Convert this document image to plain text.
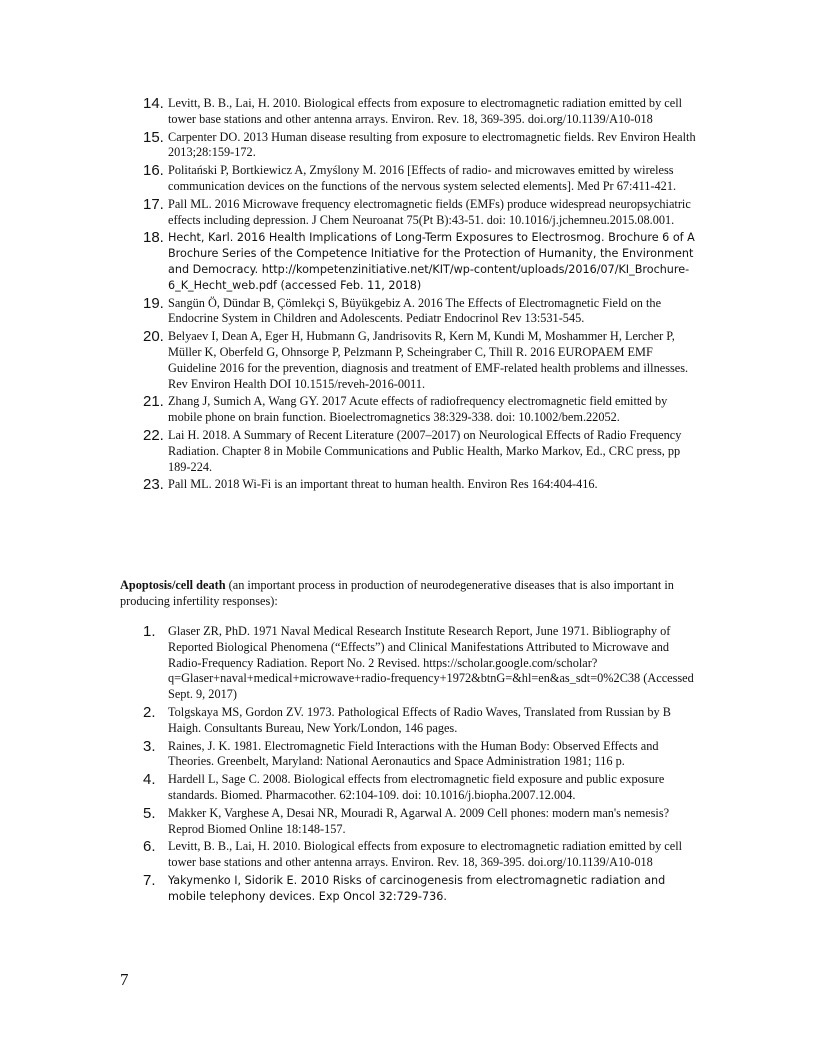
14. Levitt, B. B., Lai, H. 2010. Biological effects from exposure to electromagnetic radiation emitted by cell tower base stations and other antenna arrays. Environ. Rev. 18, 369-395. doi.org/10.1139/A10-018
15. Carpenter DO. 2013 Human disease resulting from exposure to electromagnetic fields. Rev Environ Health 2013;28:159-172.
16. Politański P, Bortkiewicz A, Zmyślony M. 2016 [Effects of radio- and microwaves emitted by wireless communication devices on the functions of the nervous system selected elements]. Med Pr 67:411-421.
17. Pall ML. 2016 Microwave frequency electromagnetic fields (EMFs) produce widespread neuropsychiatric effects including depression. J Chem Neuroanat 75(Pt B):43-51. doi: 10.1016/j.jchemneu.2015.08.001.
18. Hecht, Karl. 2016 Health Implications of Long-Term Exposures to Electrosmog. Brochure 6 of A Brochure Series of the Competence Initiative for the Protection of Humanity, the Environment and Democracy. http://kompetenzinitiative.net/KIT/wp-content/uploads/2016/07/KI_Brochure-6_K_Hecht_web.pdf (accessed Feb. 11, 2018)
19. Sangün Ö, Dündar B, Çömlekçi S, Büyükgebiz A. 2016 The Effects of Electromagnetic Field on the Endocrine System in Children and Adolescents. Pediatr Endocrinol Rev 13:531-545.
20. Belyaev I, Dean A, Eger H, Hubmann G, Jandrisovits R, Kern M, Kundi M, Moshammer H, Lercher P, Müller K, Oberfeld G, Ohnsorge P, Pelzmann P, Scheingraber C, Thill R. 2016 EUROPAEM EMF Guideline 2016 for the prevention, diagnosis and treatment of EMF-related health problems and illnesses. Rev Environ Health DOI 10.1515/reveh-2016-0011.
21. Zhang J, Sumich A, Wang GY. 2017 Acute effects of radiofrequency electromagnetic field emitted by mobile phone on brain function. Bioelectromagnetics 38:329-338. doi: 10.1002/bem.22052.
22. Lai H. 2018. A Summary of Recent Literature (2007–2017) on Neurological Effects of Radio Frequency Radiation. Chapter 8 in Mobile Communications and Public Health, Marko Markov, Ed., CRC press, pp 189-224.
23. Pall ML. 2018 Wi-Fi is an important threat to human health. Environ Res 164:404-416.
Apoptosis/cell death (an important process in production of neurodegenerative diseases that is also important in producing infertility responses):
1. Glaser ZR, PhD. 1971 Naval Medical Research Institute Research Report, June 1971. Bibliography of Reported Biological Phenomena (“Effects”) and Clinical Manifestations Attributed to Microwave and Radio-Frequency Radiation. Report No. 2 Revised. https://scholar.google.com/scholar?q=Glaser+naval+medical+microwave+radio-frequency+1972&btnG=&hl=en&as_sdt=0%2C38 (Accessed Sept. 9, 2017)
2. Tolgskaya MS, Gordon ZV. 1973. Pathological Effects of Radio Waves, Translated from Russian by B Haigh. Consultants Bureau, New York/London, 146 pages.
3. Raines, J. K. 1981. Electromagnetic Field Interactions with the Human Body: Observed Effects and Theories. Greenbelt, Maryland: National Aeronautics and Space Administration 1981; 116 p.
4. Hardell L, Sage C. 2008. Biological effects from electromagnetic field exposure and public exposure standards. Biomed. Pharmacother. 62:104-109. doi: 10.1016/j.biopha.2007.12.004.
5. Makker K, Varghese A, Desai NR, Mouradi R, Agarwal A. 2009 Cell phones: modern man's nemesis? Reprod Biomed Online 18:148-157.
6. Levitt, B. B., Lai, H. 2010. Biological effects from exposure to electromagnetic radiation emitted by cell tower base stations and other antenna arrays. Environ. Rev. 18, 369-395. doi.org/10.1139/A10-018
7. Yakymenko I, Sidorik E. 2010 Risks of carcinogenesis from electromagnetic radiation and mobile telephony devices. Exp Oncol 32:729-736.
7
